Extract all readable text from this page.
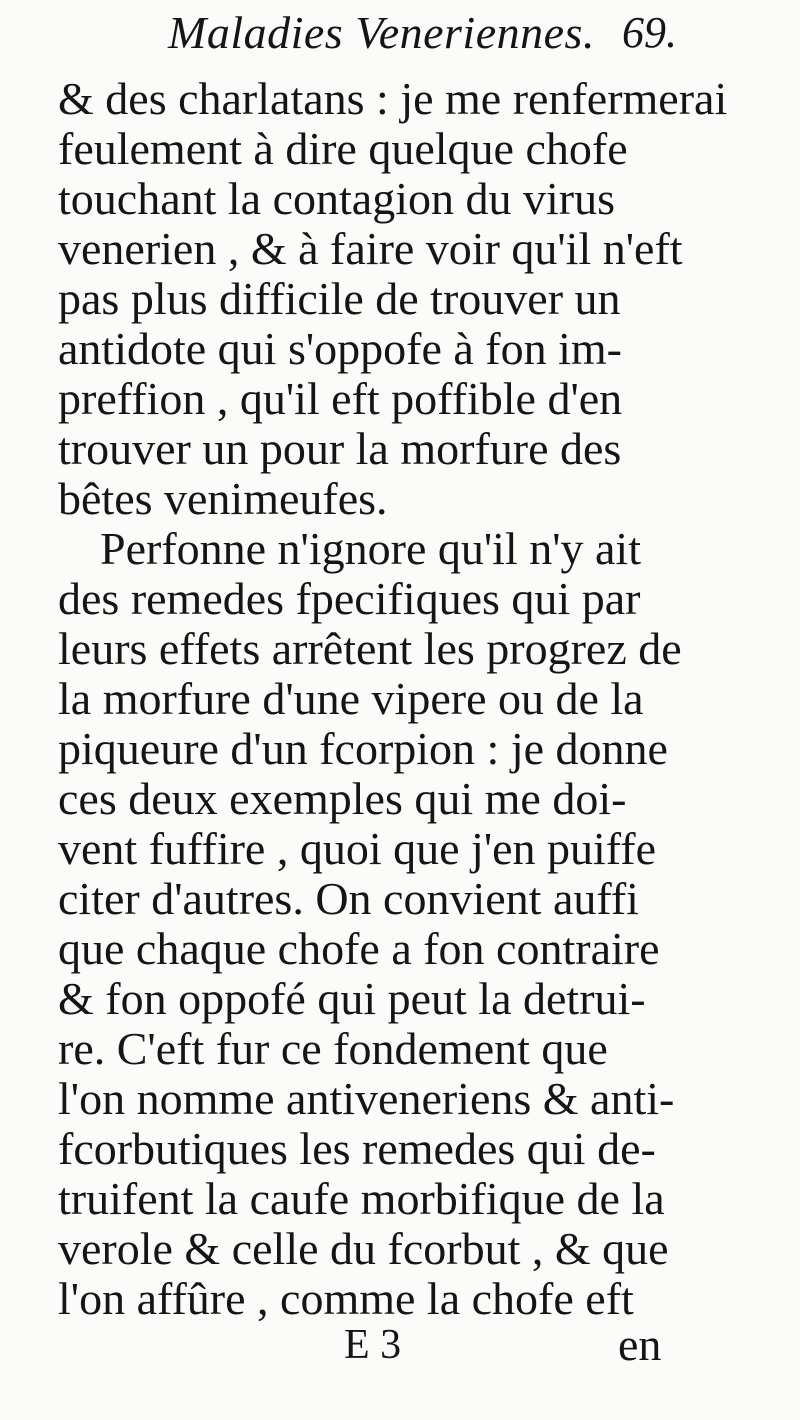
Maladies Veneriennes. 69.
& des charlatans : je me renfermerai
feulement à dire quelque chofe
touchant la contagion du virus
venerien , & à faire voir qu'il n'eft
pas plus difficile de trouver un
antidote qui s'oppofe à fon im-
preffion , qu'il eft poffible d'en
trouver un pour la morfure des
bêtes venimeufes.
Perfonne n'ignore qu'il n'y ait
des remedes fpecifiques qui par
leurs effets arrêtent les progrez de
la morfure d'une vipere ou de la
piqueure d'un fcorpion : je donne
ces deux exemples qui me doi-
vent fuffire , quoi que j'en puiffe
citer d'autres. On convient auffi
que chaque chofe a fon contraire
& fon oppofé qui peut la detrui-
re. C'eft fur ce fondement que
l'on nomme antiveneriens & anti-
fcorbutiques les remedes qui de-
truifent la caufe morbifique de la
verole & celle du fcorbut , & que
l'on affûre , comme la chofe eft
E 3	en
